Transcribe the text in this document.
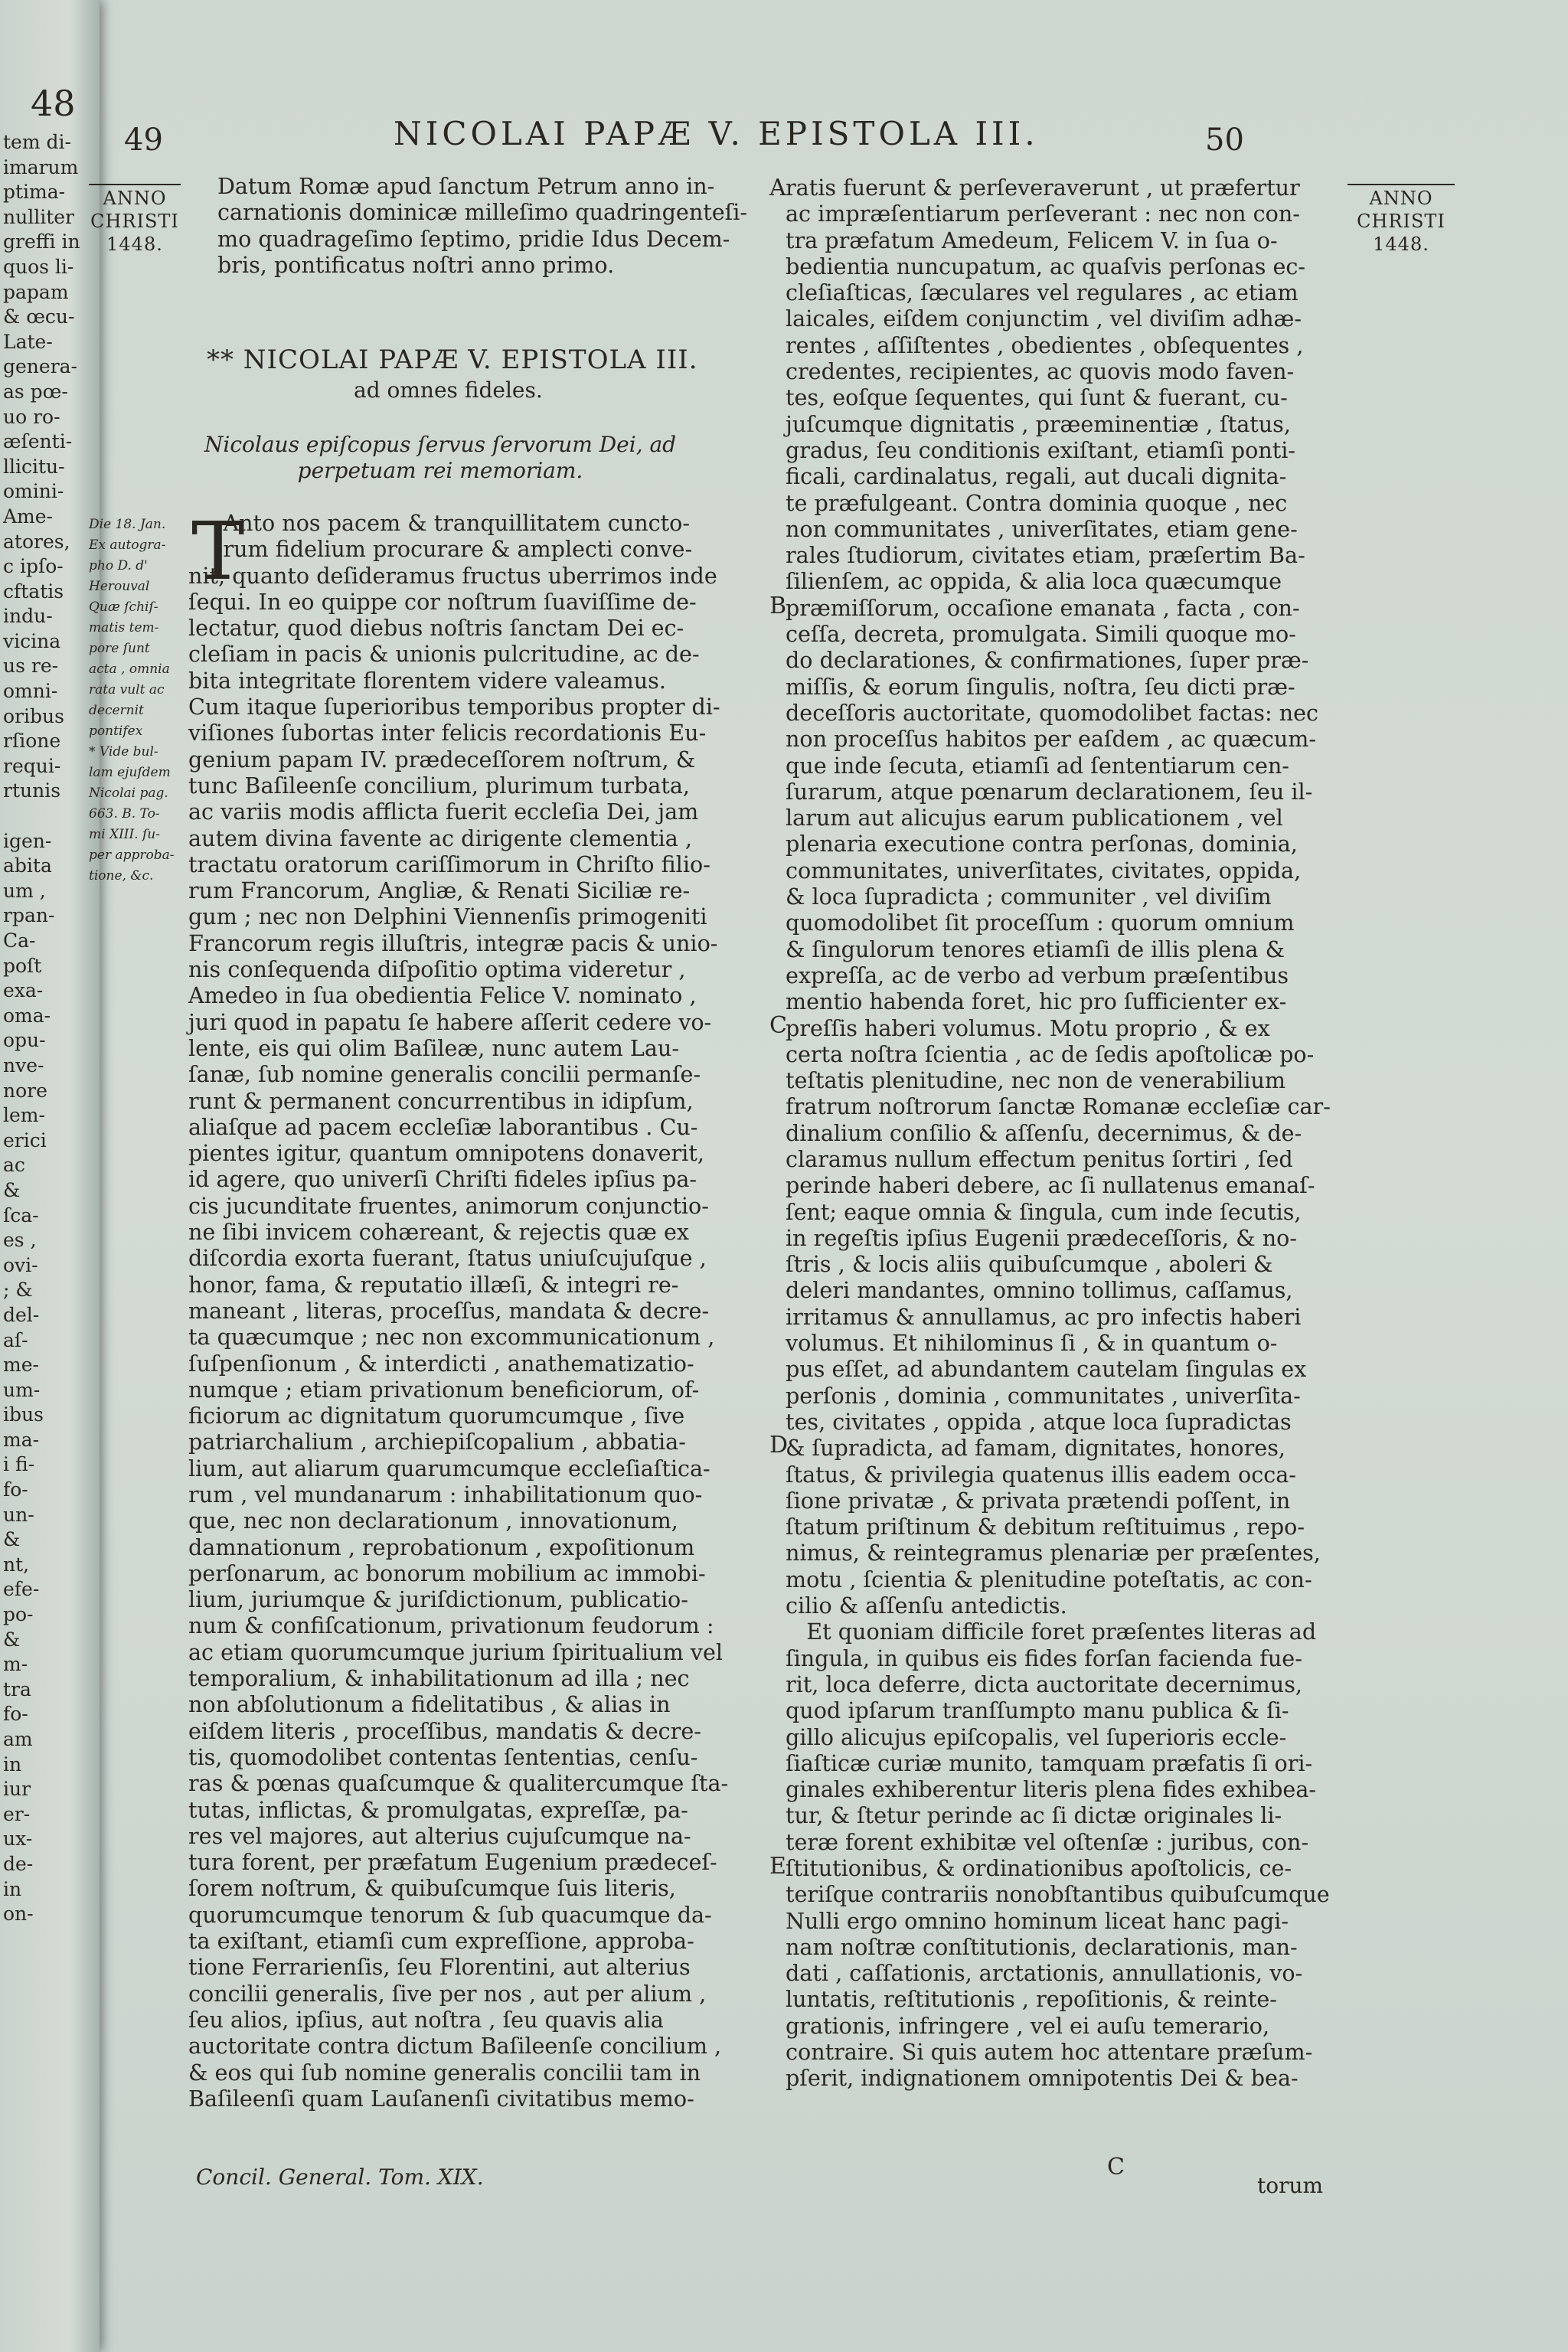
48
tem di-
imarum
ptima-
nulliter
greffi in
quos li-
papam
& œcu-
Late-
genera-
as pœ-
uo ro-
æſenti-
llicitu-
omini-
Ame-
atores,
c ipſo-
cftatis
indu-
vicina
us re-
omni-
oribus
rſione
requi-
rtunis

igen-
abita
um ,
rpan-
Ca-
poſt
exa-
oma-
opu-
nve-
nore
lem-
erici
ac
&
ſca-
es ,
ovi-
; &
del-
aſ-
me-
um-
ibus
ma-
i fi-
fo-
un-
&
nt,
efe-
po-
&
m-
tra
fo-
am
in
iur
er-
ux-
de-
in
on-
49	NICOLAI PAPÆ V. EPISTOLA III.	50
ANNO
CHRISTI
1448.
ANNO
CHRISTI
1448.
Datum Romæ apud ſanctum Petrum anno in-
carnationis dominicæ milleſimo quadringenteſi-
mo quadrageſimo ſeptimo, pridie Idus Decem-
bris, pontificatus noſtri anno primo.
** NICOLAI PAPÆ V. EPISTOLA III.
ad omnes fideles.
Nicolaus epiſcopus ſervus ſervorum Dei, ad
perpetuam rei memoriam.
Die 18. Jan.
Ex autogra-
pho D. d'
Herouval
Quæ ſchiſ-
matis tem-
pore ſunt
acta , omnia
rata vult ac
decernit
pontifex
* Vide bul-
lam ejuſdem
Nicolai pag.
663. B. To-
mi XIII. ſu-
per approba-
tione, &c.
T
Anto nos pacem & tranquillitatem cuncto-
rum fidelium procurare & amplecti conve-
nit, quanto deſideramus fructus uberrimos inde
ſequi. In eo quippe cor noſtrum ſuaviſſime de-
lectatur, quod diebus noſtris ſanctam Dei ec-
cleſiam in pacis & unionis pulcritudine, ac de-
bita integritate florentem videre valeamus.
Cum itaque ſuperioribus temporibus propter di-
viſiones ſubortas inter felicis recordationis Eu-
genium papam IV. prædeceſſorem noſtrum, &
tunc Baſileenſe concilium, plurimum turbata,
ac variis modis afflicta fuerit eccleſia Dei, jam
autem divina favente ac dirigente clementia ,
tractatu oratorum cariſſimorum in Chriſto filio-
rum Francorum, Angliæ, & Renati Siciliæ re-
gum ; nec non Delphini Viennenſis primogeniti
Francorum regis illuſtris, integræ pacis & unio-
nis conſequenda diſpoſitio optima videretur ,
Amedeo in ſua obedientia Felice V. nominato ,
juri quod in papatu ſe habere aſſerit cedere vo-
lente, eis qui olim Baſileæ, nunc autem Lau-
ſanæ, ſub nomine generalis concilii permanſe-
runt & permanent concurrentibus in idipſum,
aliaſque ad pacem eccleſiæ laborantibus . Cu-
pientes igitur, quantum omnipotens donaverit,
id agere, quo univerſi Chriſti fideles ipſius pa-
cis jucunditate fruentes, animorum conjunctio-
ne ſibi invicem cohæreant, & rejectis quæ ex
diſcordia exorta fuerant, ſtatus uniuſcujuſque ,
honor, fama, & reputatio illæſi, & integri re-
maneant , literas, proceſſus, mandata & decre-
ta quæcumque ; nec non excommunicationum ,
ſuſpenſionum , & interdicti , anathematizatio-
numque ; etiam privationum beneficiorum, of-
ficiorum ac dignitatum quorumcumque , ſive
patriarchalium , archiepiſcopalium , abbatia-
lium, aut aliarum quarumcumque eccleſiaſtica-
rum , vel mundanarum : inhabilitationum quo-
que, nec non declarationum , innovationum,
damnationum , reprobationum , expoſitionum
perſonarum, ac bonorum mobilium ac immobi-
lium, juriumque & juriſdictionum, publicatio-
num & confiſcationum, privationum feudorum :
ac etiam quorumcumque jurium ſpiritualium vel
temporalium, & inhabilitationum ad illa ; nec
non abſolutionum a fidelitatibus , & alias in
eiſdem literis , proceſſibus, mandatis & decre-
tis, quomodolibet contentas ſententias, cenſu-
ras & pœnas quaſcumque & qualitercumque ſta-
tutas, inflictas, & promulgatas, expreſſæ, pa-
res vel majores, aut alterius cujuſcumque na-
tura forent, per præfatum Eugenium prædeceſ-
ſorem noſtrum, & quibuſcumque ſuis literis,
quorumcumque tenorum & ſub quacumque da-
ta exiſtant, etiamſi cum expreſſione, approba-
tione Ferrarienſis, ſeu Florentini, aut alterius
concilii generalis, ſive per nos , aut per alium ,
ſeu alios, ipſius, aut noſtra , ſeu quavis alia
auctoritate contra dictum Baſileenſe concilium ,
& eos qui ſub nomine generalis concilii tam in
Baſileenſi quam Lauſanenſi civitatibus memo-
ratis fuerunt & perſeveraverunt , ut præfertur
ac impræſentiarum perſeverant : nec non con-
tra præfatum Amedeum, Felicem V. in ſua o-
bedientia nuncupatum, ac quaſvis perſonas ec-
cleſiaſticas, ſæculares vel regulares , ac etiam
laicales, eiſdem conjunctim , vel diviſim adhæ-
rentes , aſſiſtentes , obedientes , obſequentes ,
credentes, recipientes, ac quovis modo faven-
tes, eoſque ſequentes, qui ſunt & fuerant, cu-
juſcumque dignitatis , præeminentiæ , ſtatus,
gradus, ſeu conditionis exiſtant, etiamſi ponti-
ficali, cardinalatus, regali, aut ducali dignita-
te præfulgeant. Contra dominia quoque , nec
non communitates , univerſitates, etiam gene-
rales ſtudiorum, civitates etiam, præſertim Ba-
ſilienſem, ac oppida, & alia loca quæcumque
præmiſſorum, occaſione emanata , facta , con-
ceſſa, decreta, promulgata. Simili quoque mo-
do declarationes, & confirmationes, ſuper præ-
miſſis, & eorum ſingulis, noſtra, ſeu dicti præ-
deceſſoris auctoritate, quomodolibet factas: nec
non proceſſus habitos per eaſdem , ac quæcum-
que inde ſecuta, etiamſi ad ſententiarum cen-
ſurarum, atque pœnarum declarationem, ſeu il-
larum aut alicujus earum publicationem , vel
plenaria executione contra perſonas, dominia,
communitates, univerſitates, civitates, oppida,
& loca ſupradicta ; communiter , vel diviſim
quomodolibet ſit proceſſum : quorum omnium
& ſingulorum tenores etiamſi de illis plena &
expreſſa, ac de verbo ad verbum præſentibus
mentio habenda foret, hic pro ſufficienter ex-
preſſis haberi volumus. Motu proprio , & ex
certa noſtra ſcientia , ac de ſedis apoſtolicæ po-
teſtatis plenitudine, nec non de venerabilium
fratrum noſtrorum ſanctæ Romanæ eccleſiæ car-
dinalium conſilio & aſſenſu, decernimus, & de-
claramus nullum effectum penitus ſortiri , ſed
perinde haberi debere, ac ſi nullatenus emanaſ-
ſent; eaque omnia & ſingula, cum inde ſecutis,
in regeſtis ipſius Eugenii prædeceſſoris, & no-
ſtris , & locis aliis quibuſcumque , aboleri &
deleri mandantes, omnino tollimus, caſſamus,
irritamus & annullamus, ac pro infectis haberi
volumus. Et nihilominus ſi , & in quantum o-
pus eſſet, ad abundantem cautelam ſingulas ex
perſonis , dominia , communitates , univerſita-
tes, civitates , oppida , atque loca ſupradictas
& ſupradicta, ad famam, dignitates, honores,
ſtatus, & privilegia quatenus illis eadem occa-
ſione privatæ , & privata prætendi poſſent, in
ſtatum priſtinum & debitum reſtituimus , repo-
nimus, & reintegramus plenariæ per præſentes,
motu , ſcientia & plenitudine poteſtatis, ac con-
cilio & aſſenſu antedictis.
Et quoniam difficile foret præſentes literas ad
ſingula, in quibus eis fides forſan facienda fue-
rit, loca deferre, dicta auctoritate decernimus,
quod ipſarum tranſſumpto manu publica & ſi-
gillo alicujus epiſcopalis, vel ſuperioris eccle-
ſiaſticæ curiæ munito, tamquam præfatis ſi ori-
ginales exhiberentur literis plena fides exhibea-
tur, & ſtetur perinde ac ſi dictæ originales li-
teræ forent exhibitæ vel oſtenſæ : juribus, con-
ſtitutionibus, & ordinationibus apoſtolicis, ce-
teriſque contrariis nonobſtantibus quibuſcumque
Nulli ergo omnino hominum liceat hanc pagi-
nam noſtræ conſtitutionis, declarationis, man-
dati , caſſationis, arctationis, annullationis, vo-
luntatis, reſtitutionis , repoſitionis, & reinte-
grationis, infringere , vel ei auſu temerario,
contraire. Si quis autem hoc attentare præſum-
pſerit, indignationem omnipotentis Dei & bea-
A
B
C
D
E
Concil. General. Tom. XIX.	C
torum
